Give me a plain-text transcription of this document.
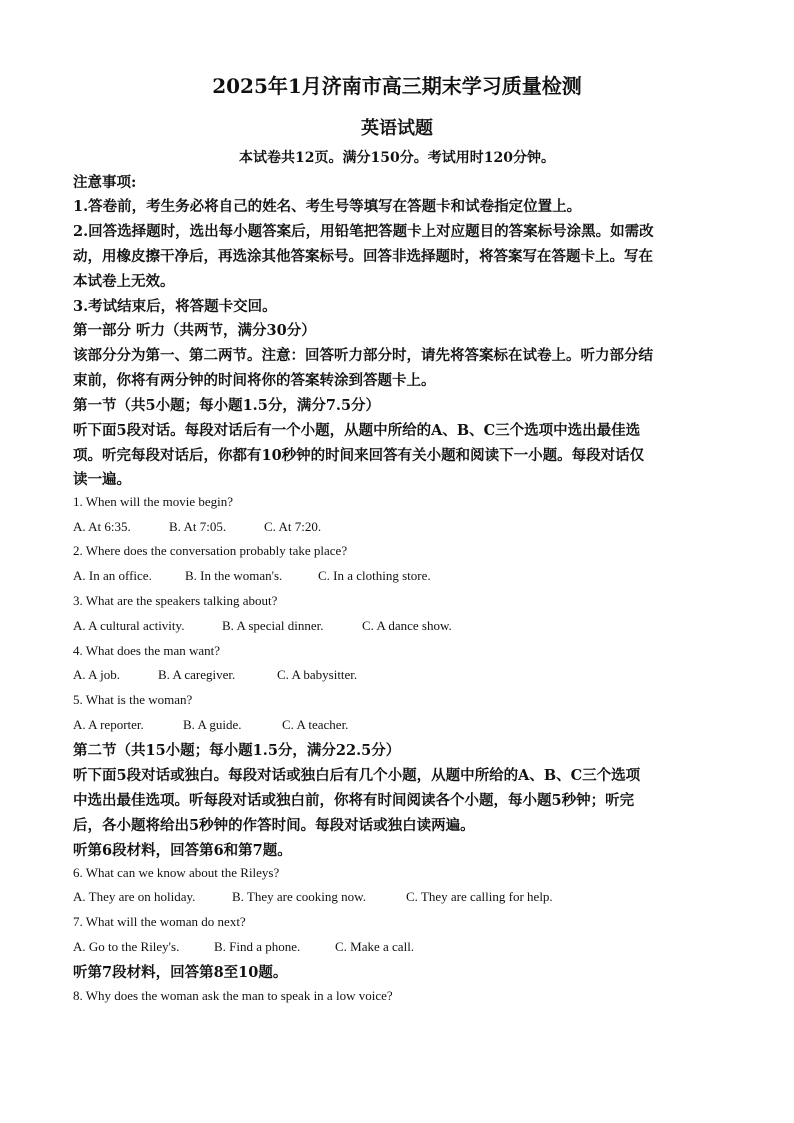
2025年1月济南市高三期末学习质量检测
英语试题
本试卷共12页。满分150分。考试用时120分钟。
注意事项:
1.答卷前，考生务必将自己的姓名、考生号等填写在答题卡和试卷指定位置上。
2.回答选择题时，选出每小题答案后，用铅笔把答题卡上对应题目的答案标号涂黑。如需改
动，用橡皮擦干净后，再选涂其他答案标号。回答非选择题时，将答案写在答题卡上。写在
本试卷上无效。
3.考试结束后，将答题卡交回。
第一部分 听力（共两节，满分30分）
该部分分为第一、第二两节。注意：回答听力部分时，请先将答案标在试卷上。听力部分结
束前，你将有两分钟的时间将你的答案转涂到答题卡上。
第一节（共5小题；每小题1.5分，满分7.5分）
听下面5段对话。每段对话后有一个小题，从题中所给的A、B、C三个选项中选出最佳选
项。听完每段对话后，你都有10秒钟的时间来回答有关小题和阅读下一小题。每段对话仅
读一遍。
1. When will the movie begin?
A. At 6:35.	B. At 7:05.	C. At 7:20.
2. Where does the conversation probably take place?
A. In an office.	B. In the woman's.	C. In a clothing store.
3. What are the speakers talking about?
A. A cultural activity.	B. A special dinner.	C. A dance show.
4. What does the man want?
A. A job.	B. A caregiver.	C. A babysitter.
5. What is the woman?
A. A reporter.	B. A guide.	C. A teacher.
第二节（共15小题；每小题1.5分，满分22.5分）
听下面5段对话或独白。每段对话或独白后有几个小题，从题中所给的A、B、C三个选项
中选出最佳选项。听每段对话或独白前，你将有时间阅读各个小题，每小题5秒钟；听完
后，各小题将给出5秒钟的作答时间。每段对话或独白读两遍。
听第6段材料，回答第6和第7题。
6. What can we know about the Rileys?
A. They are on holiday.	B. They are cooking now.	C. They are calling for help.
7. What will the woman do next?
A. Go to the Riley's.	B. Find a phone.	C. Make a call.
听第7段材料，回答第8至10题。
8. Why does the woman ask the man to speak in a low voice?
